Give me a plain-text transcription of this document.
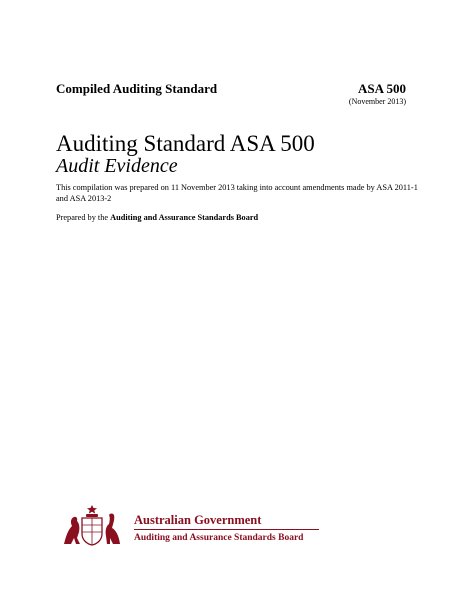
Compiled Auditing Standard	ASA 500
(November 2013)
Auditing Standard ASA 500
Audit Evidence
This compilation was prepared on 11 November 2013 taking into account amendments made by ASA 2011-1 and ASA 2013-2
Prepared by the Auditing and Assurance Standards Board
Australian Government
Auditing and Assurance Standards Board
